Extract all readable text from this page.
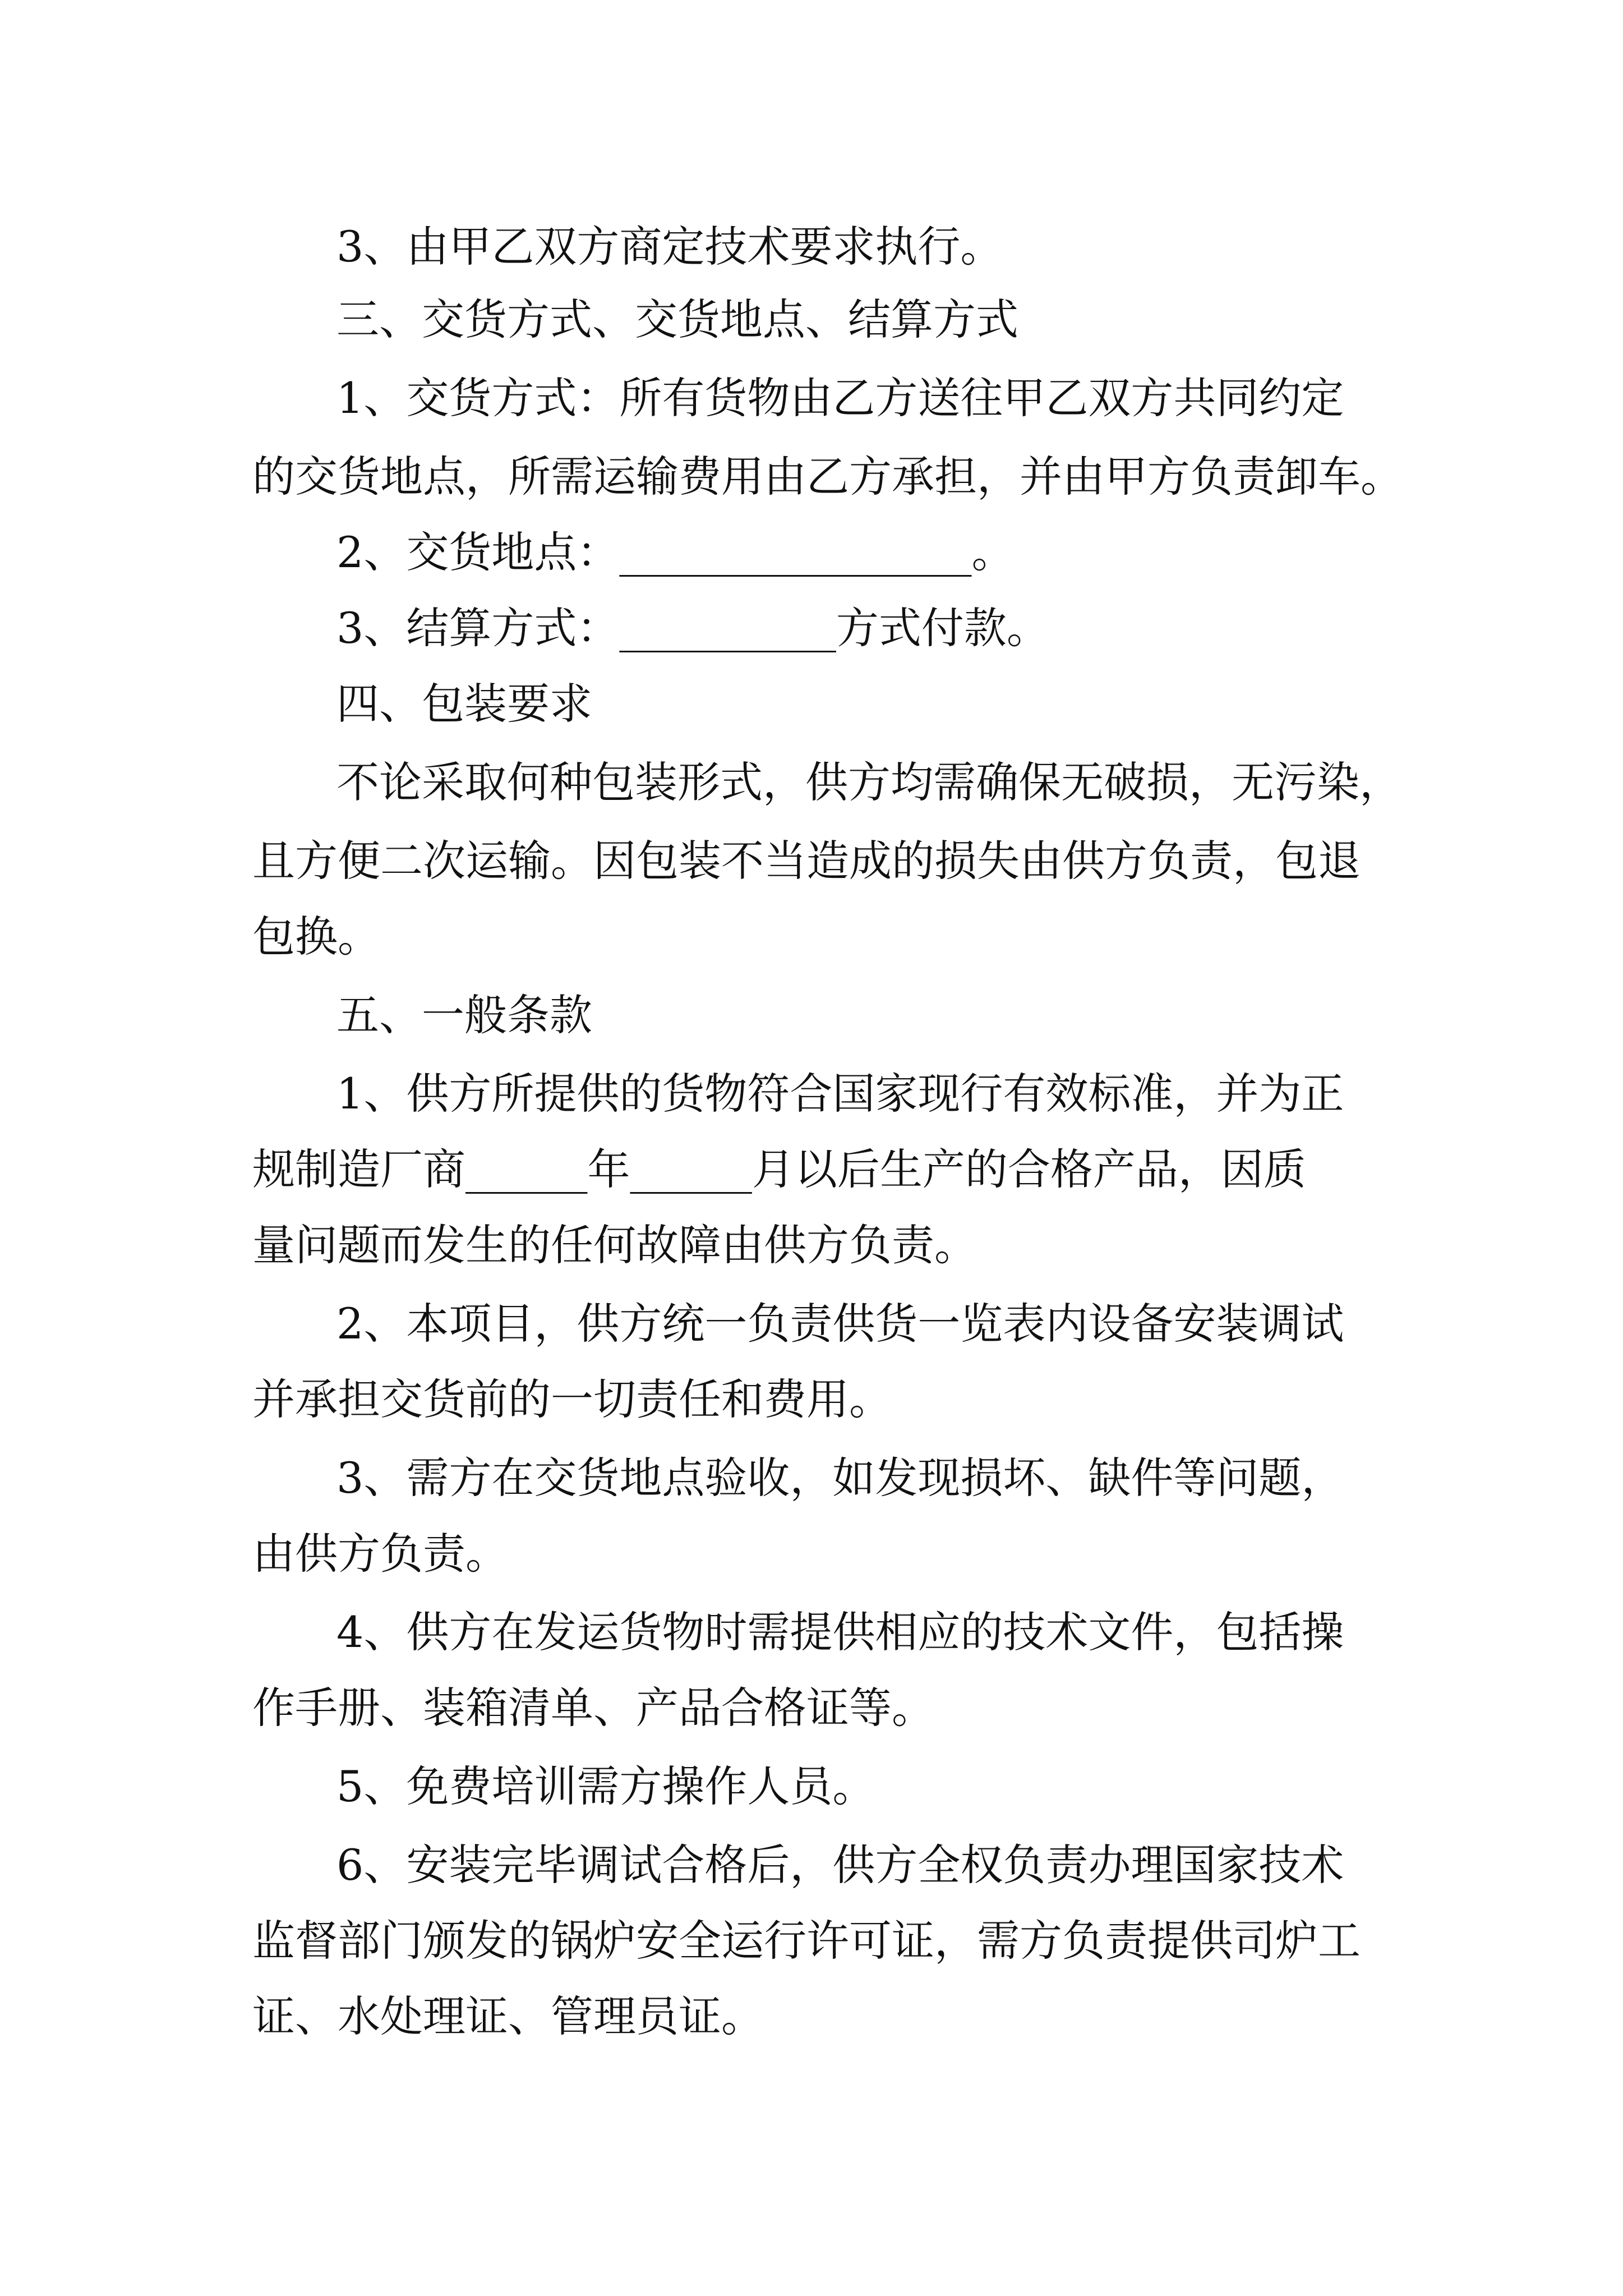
3、由甲乙双方商定技术要求执行。
三、交货方式、交货地点、结算方式
1、交货方式：所有货物由乙方送往甲乙双方共同约定
的交货地点，所需运输费用由乙方承担，并由甲方负责卸车。
2、交货地点：	。
3、结算方式：	方式付款。
四、包装要求
不论采取何种包装形式，供方均需确保无破损，无污染，
且方便二次运输。因包装不当造成的损失由供方负责，包退
包换。
五、一般条款
1、供方所提供的货物符合国家现行有效标准，并为正
规制造厂商	年	月以后生产的合格产品，因质
量问题而发生的任何故障由供方负责。
2、本项目，供方统一负责供货一览表内设备安装调试
并承担交货前的一切责任和费用。
3、需方在交货地点验收，如发现损坏、缺件等问题，
由供方负责。
4、供方在发运货物时需提供相应的技术文件，包括操
作手册、装箱清单、产品合格证等。
5、免费培训需方操作人员。
6、安装完毕调试合格后，供方全权负责办理国家技术
监督部门颁发的锅炉安全运行许可证，需方负责提供司炉工
证、水处理证、管理员证。
